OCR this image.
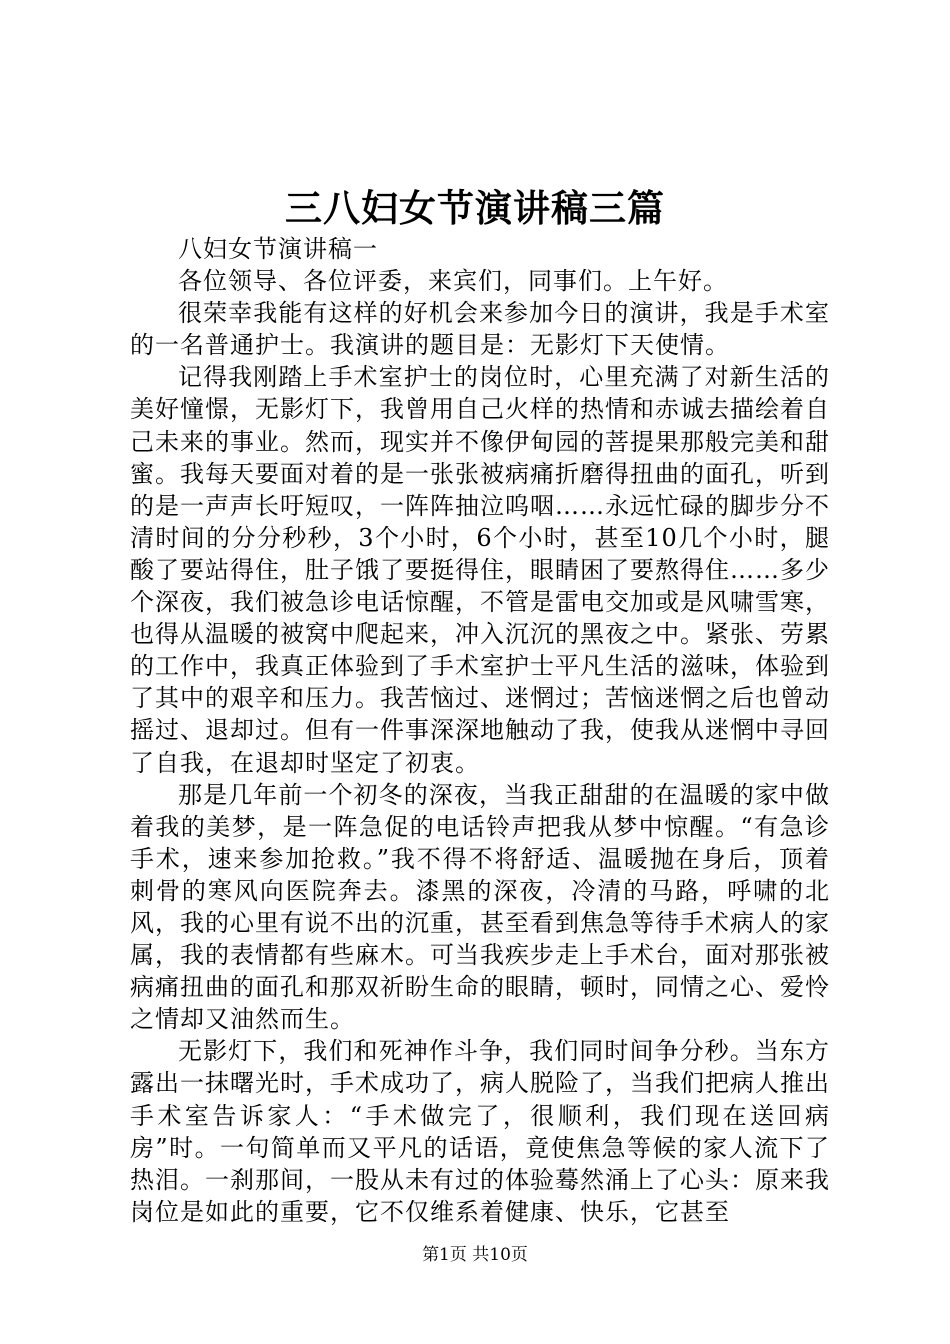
三八妇女节演讲稿三篇

八妇女节演讲稿一

各位领导、各位评委，来宾们，同事们。上午好。

很荣幸我能有这样的好机会来参加今日的演讲，我是手术室的一名普通护士。我演讲的题目是：无影灯下天使情。

记得我刚踏上手术室护士的岗位时，心里充满了对新生活的美好憧憬，无影灯下，我曾用自己火样的热情和赤诚去描绘着自己未来的事业。然而，现实并不像伊甸园的菩提果那般完美和甜蜜。我每天要面对着的是一张张被病痛折磨得扭曲的面孔，听到的是一声声长吁短叹，一阵阵抽泣呜咽……永远忙碌的脚步分不清时间的分分秒秒，3个小时，6个小时，甚至10几个小时，腿酸了要站得住，肚子饿了要挺得住，眼睛困了要熬得住……多少个深夜，我们被急诊电话惊醒，不管是雷电交加或是风啸雪寒，也得从温暖的被窝中爬起来，冲入沉沉的黑夜之中。紧张、劳累的工作中，我真正体验到了手术室护士平凡生活的滋味，体验到了其中的艰辛和压力。我苦恼过、迷惘过；苦恼迷惘之后也曾动摇过、退却过。但有一件事深深地触动了我，使我从迷惘中寻回了自我，在退却时坚定了初衷。

那是几年前一个初冬的深夜，当我正甜甜的在温暖的家中做着我的美梦，是一阵急促的电话铃声把我从梦中惊醒。“有急诊手术，速来参加抢救。”我不得不将舒适、温暖抛在身后，顶着刺骨的寒风向医院奔去。漆黑的深夜，冷清的马路，呼啸的北风，我的心里有说不出的沉重，甚至看到焦急等待手术病人的家属，我的表情都有些麻木。可当我疾步走上手术台，面对那张被病痛扭曲的面孔和那双祈盼生命的眼睛，顿时，同情之心、爱怜之情却又油然而生。

无影灯下，我们和死神作斗争，我们同时间争分秒。当东方露出一抹曙光时，手术成功了，病人脱险了，当我们把病人推出手术室告诉家人：“手术做完了，很顺利，我们现在送回病房”时。一句简单而又平凡的话语，竟使焦急等候的家人流下了热泪。一刹那间，一股从未有过的体验蓦然涌上了心头：原来我岗位是如此的重要，它不仅维系着健康、快乐，它甚至

第1页 共10页
